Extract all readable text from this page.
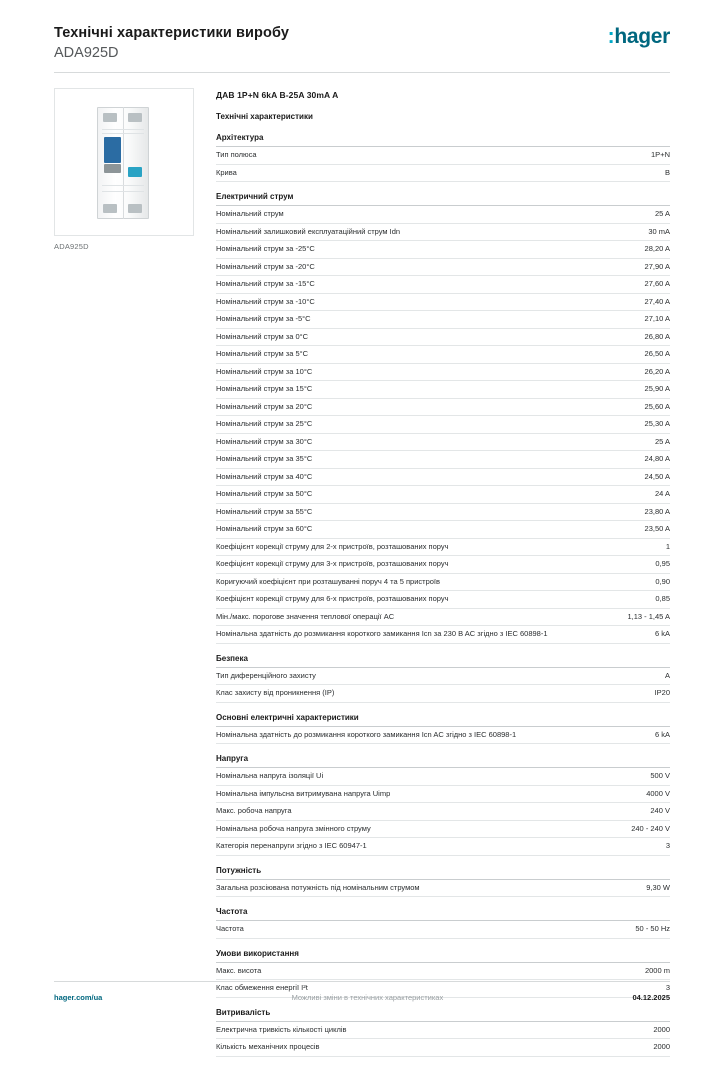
Технічні характеристики виробу
ADA925D
:hager
ADA925D
ДАВ 1P+N 6kA B-25A 30mA A
Технічні характеристики
Архітектура
Тип полюса	1P+N
Крива	B
Електричний струм
Номінальний струм	25 A
Номінальний залишковий експлуатаційний струм Idn	30 mA
Номінальний струм за -25°C	28,20 A
Номінальний струм за -20°C	27,90 A
Номінальний струм за -15°C	27,60 A
Номінальний струм за -10°C	27,40 A
Номінальний струм за -5°C	27,10 A
Номінальний струм за 0°C	26,80 A
Номінальний струм за 5°C	26,50 A
Номінальний струм за 10°C	26,20 A
Номінальний струм за 15°C	25,90 A
Номінальний струм за 20°C	25,60 A
Номінальний струм за 25°C	25,30 A
Номінальний струм за 30°C	25 A
Номінальний струм за 35°C	24,80 A
Номінальний струм за 40°C	24,50 A
Номінальний струм за 50°C	24 A
Номінальний струм за 55°C	23,80 A
Номінальний струм за 60°C	23,50 A
Коефіцієнт корекції струму для 2-х пристроїв, розташованих поруч	1
Коефіцієнт корекції струму для 3-х пристроїв, розташованих поруч	0,95
Коригуючий коефіцієнт при розташуванні поруч 4 та 5 пристроїв	0,90
Коефіцієнт корекції струму для 6-х пристроїв, розташованих поруч	0,85
Мін./макс. порогове значення теплової операції AC	1,13 - 1,45 A
Номінальна здатність до розмикання короткого замикання Icn за 230 B AC згідно з IEC 60898-1	6 kA
Безпека
Тип диференційного захисту	A
Клас захисту від проникнення (IP)	IP20
Основні електричні характеристики
Номінальна здатність до розмикання короткого замикання Icn AC згідно з IEC 60898-1	6 kA
Напруга
Номінальна напруга ізоляції Ui	500 V
Номінальна імпульсна витримувана напруга Uimp	4000 V
Макс. робоча напруга	240 V
Номінальна робоча напруга змінного струму	240 - 240 V
Категорія перенапруги згідно з IEC 60947-1	3
Потужність
Загальна розсіювана потужність під номінальним струмом	9,30 W
Частота
Частота	50 - 50 Hz
Умови використання
Макс. висота	2000 m
Клас обмеження енергії I²t	3
Витривалість
Електрична тривкість кількості циклів	2000
Кількість механічних процесів	2000
hager.com/ua	Можливі зміни в технічних характеристиках	04.12.2025
